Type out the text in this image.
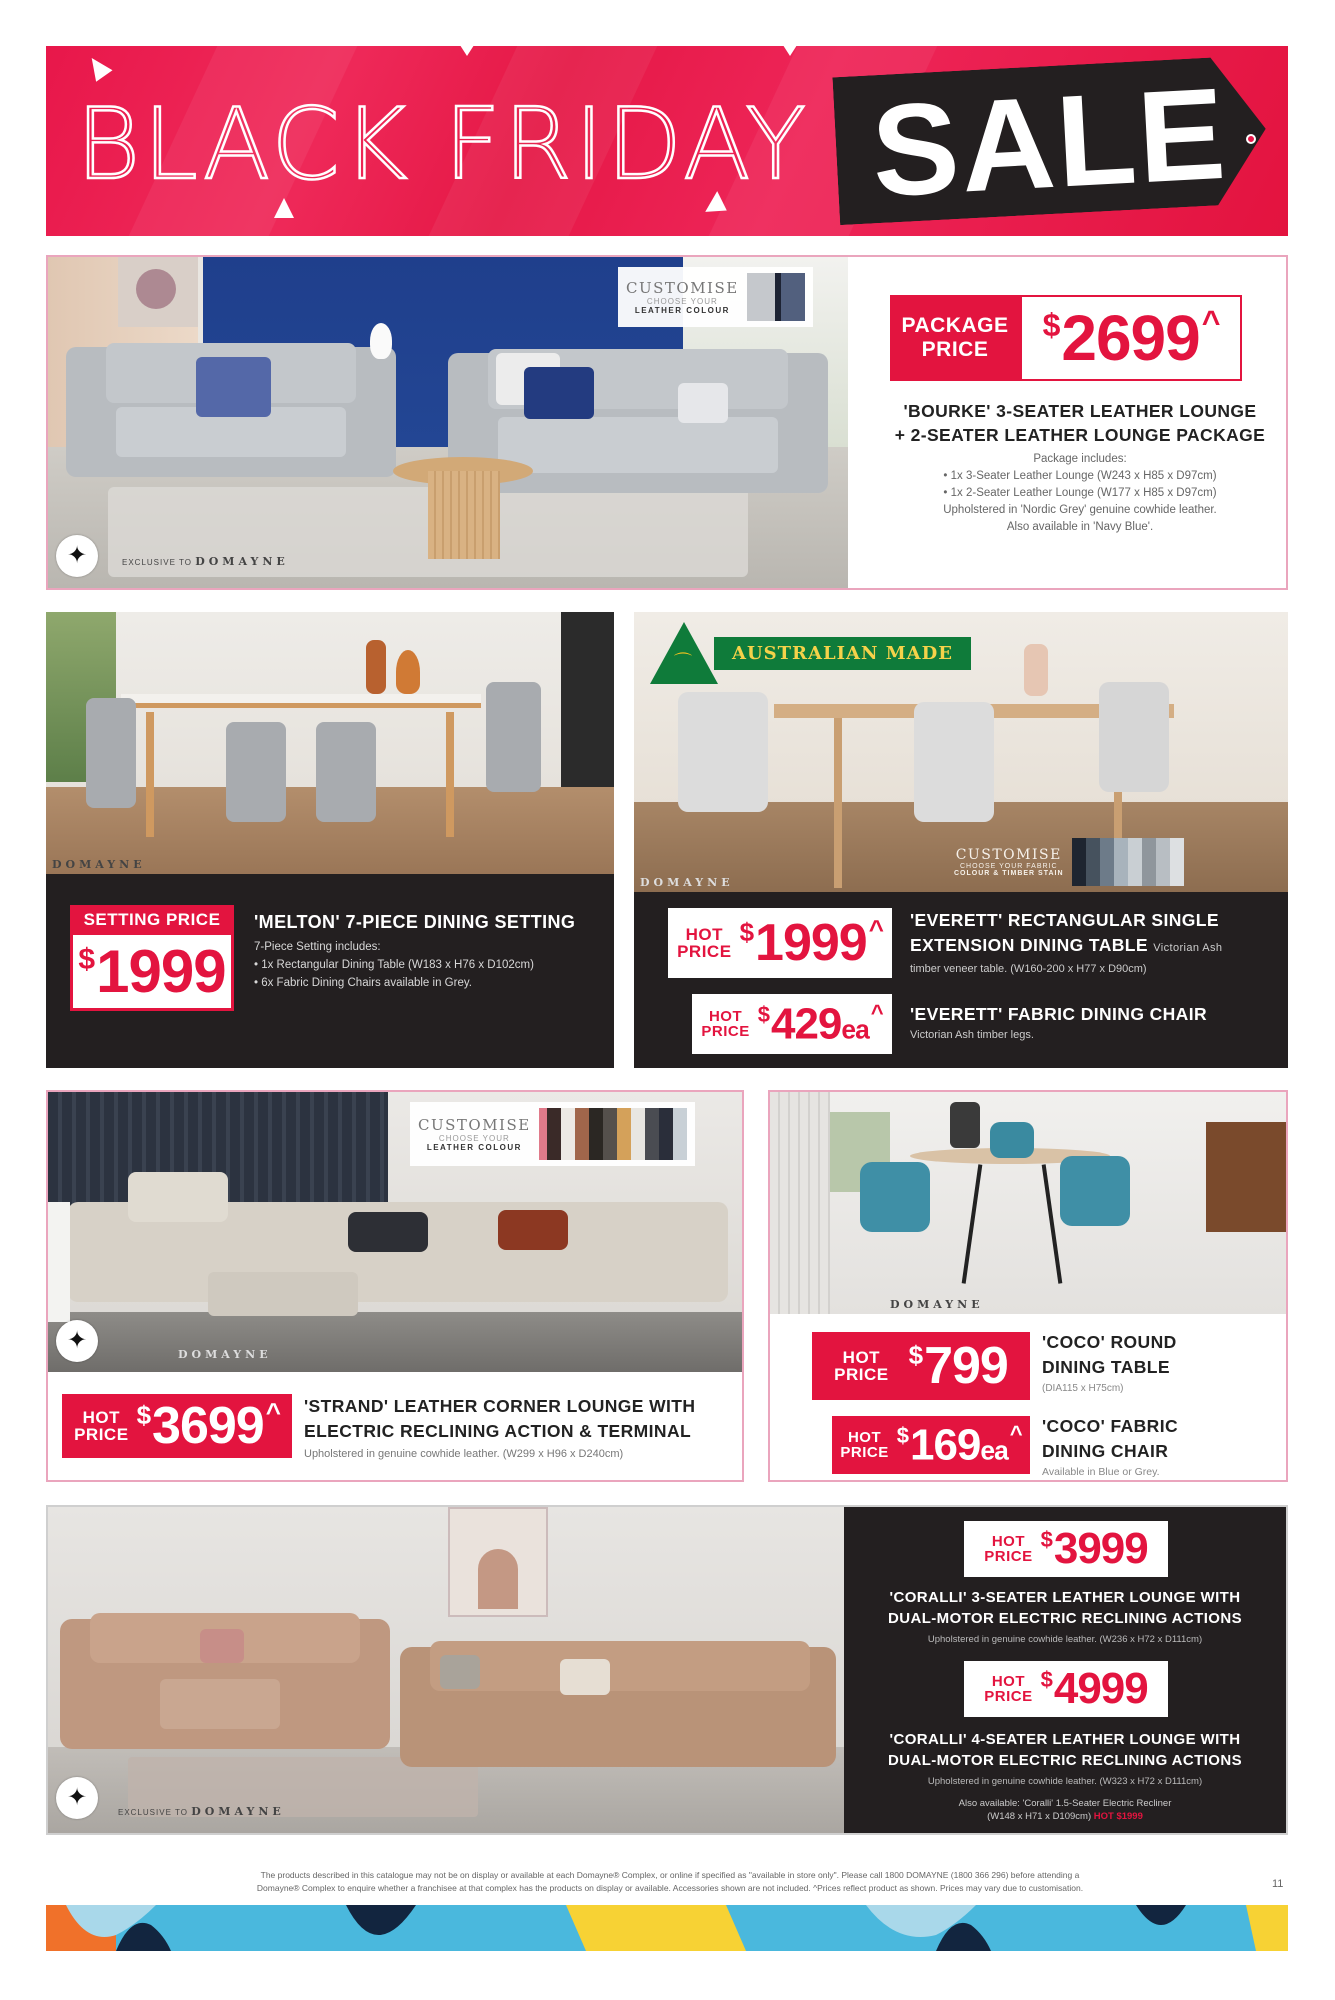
BLACK FRIDAY SALE
CUSTOMISE
CHOOSE YOUR
LEATHER COLOUR
✦	EXCLUSIVE TO DOMAYNE
PACKAGE
PRICE
$2699^
'BOURKE' 3-SEATER LEATHER LOUNGE
+ 2-SEATER LEATHER LOUNGE PACKAGE
Package includes:
• 1x 3-Seater Leather Lounge (W243 x H85 x D97cm)
• 1x 2-Seater Leather Lounge (W177 x H85 x D97cm)
Upholstered in 'Nordic Grey' genuine cowhide leather.
Also available in 'Navy Blue'.
DOMAYNE
SETTING PRICE
$1999
'MELTON' 7-PIECE DINING SETTING
7-Piece Setting includes:
• 1x Rectangular Dining Table (W183 x H76 x D102cm)
• 6x Fabric Dining Chairs available in Grey.
⌒	AUSTRALIAN MADE
CUSTOMISE
CHOOSE YOUR FABRIC
COLOUR & TIMBER STAIN
DOMAYNE
HOT
PRICE
$1999^ 'EVERETT' RECTANGULAR SINGLE
EXTENSION DINING TABLE Victorian Ash
timber veneer table. (W160-200 x H77 x D90cm)
HOT
PRICE
$429ea^ 'EVERETT' FABRIC DINING CHAIR
Victorian Ash timber legs.
CUSTOMISE
CHOOSE YOUR
LEATHER COLOUR
✦
DOMAYNE
HOT
PRICE
$3699^ 'STRAND' LEATHER CORNER LOUNGE WITH
ELECTRIC RECLINING ACTION & TERMINAL
Upholstered in genuine cowhide leather. (W299 x H96 x D240cm)
DOMAYNE
HOT
PRICE
$799 'COCO' ROUND
DINING TABLE
(DIA115 x H75cm)
HOT
PRICE
$169ea^ 'COCO' FABRIC
DINING CHAIR
Available in Blue or Grey.
✦
EXCLUSIVE TO DOMAYNE
HOT
PRICE
$3999
'CORALLI' 3-SEATER LEATHER LOUNGE WITH
DUAL-MOTOR ELECTRIC RECLINING ACTIONS
Upholstered in genuine cowhide leather. (W236 x H72 x D111cm)
HOT
PRICE
$4999
'CORALLI' 4-SEATER LEATHER LOUNGE WITH
DUAL-MOTOR ELECTRIC RECLINING ACTIONS
Upholstered in genuine cowhide leather. (W323 x H72 x D111cm)
Also available: 'Coralli' 1.5-Seater Electric Recliner
(W148 x H71 x D109cm) HOT $1999
The products described in this catalogue may not be on display or available at each Domayne® Complex, or online if specified as "available in store only". Please call 1800 DOMAYNE (1800 366 296) before attending a
Domayne® Complex to enquire whether a franchisee at that complex has the products on display or available. Accessories shown are not included. ^Prices reflect product as shown. Prices may vary due to customisation.	11
